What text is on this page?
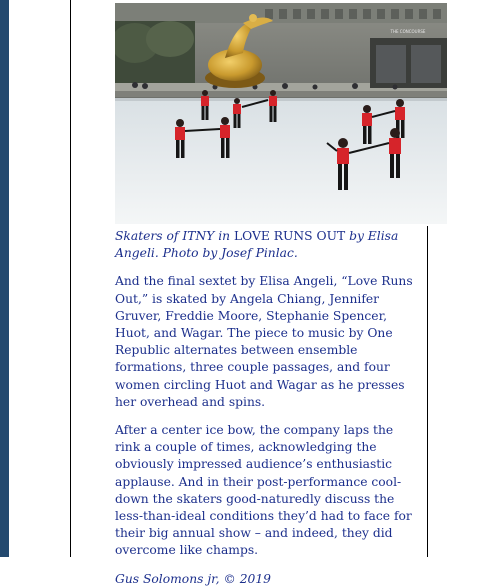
THE CONCOURSE

Skaters of ITNY in LOVE RUNS OUT by Elisa Angeli. Photo by Josef Pinlac.

And the final sextet by Elisa Angeli, “Love Runs Out,” is skated by Angela Chiang, Jennifer Gruver, Freddie Moore, Stephanie Spencer, Huot, and Wagar. The piece to music by One Republic alternates between ensemble formations, three couple passages, and four women circling Huot and Wagar as he presses her overhead and spins.

After a center ice bow, the company laps the rink a couple of times, acknowledging the obviously impressed audience’s enthusiastic applause. And in their post-performance cool-down the skaters good-naturedly discuss the less-than-ideal conditions they’d had to face for their big annual show – and indeed, they did overcome like champs.

Gus Solomons jr, © 2019
